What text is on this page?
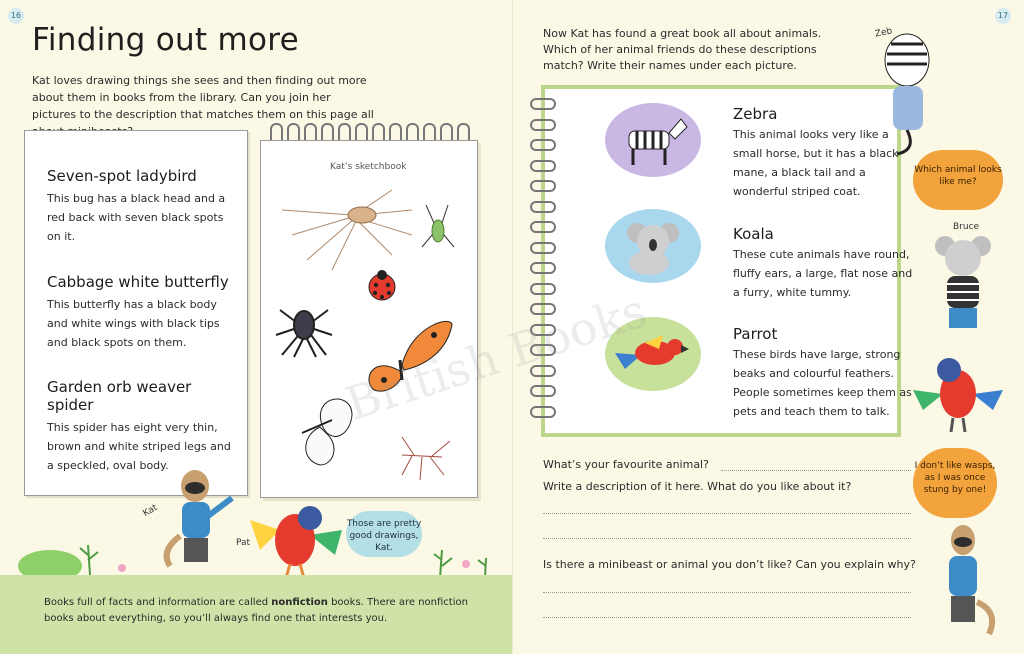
16
Finding out more

Kat loves drawing things she sees and then finding out more about them in books from the library. Can you join her pictures to the description that matches them on this page all

Seven-spot ladybird

This bug has a black head and a red back with seven black spots on it.

Cabbage white butterfly

This butterfly has a black body and white wings with black tips and black spots on them.

Garden orb weaver spider

This spider has eight very thin, brown and white striped legs and a speckled, oval body.

Kat’s sketchbook
Kat
Pat
Those are pretty good drawings, Kat.

Books full of facts and information are called nonfiction books. There are nonfiction books about everything, so you’ll always find one that interests you.

17

Now Kat has found a great book all about animals. Which of her animal friends do these descriptions match? Write their names under each picture.

Zebra

This animal looks very like a small horse, but it has a black mane, a black tail and a wonderful striped coat.

Koala

These cute animals have round, fluffy ears, a large, flat nose and a furry, white tummy.

Parrot

These birds have large, strong beaks and colourful feathers. People sometimes keep them as pets and teach them to talk.

Zeb
Which animal looks like me?
Bruce
I don’t like wasps, as I was once stung by one!
What’s your favourite animal?
Write a description of it here. What do you like about it?
Is there a minibeast or animal you don’t like? Can you explain why?
British Books
